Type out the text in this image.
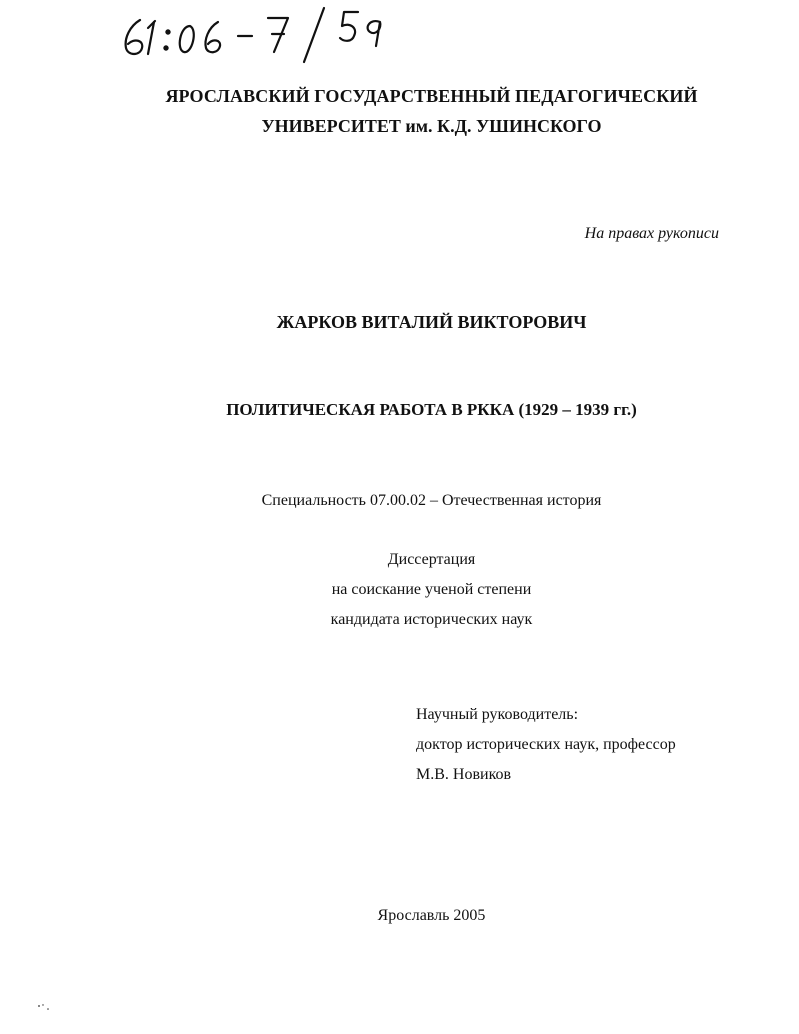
ЯРОСЛАВСКИЙ ГОСУДАРСТВЕННЫЙ ПЕДАГОГИЧЕСКИЙ
УНИВЕРСИТЕТ им. К.Д. УШИНСКОГО
На правах рукописи
ЖАРКОВ ВИТАЛИЙ ВИКТОРОВИЧ
ПОЛИТИЧЕСКАЯ РАБОТА В РККА (1929 – 1939 гг.)
Специальность 07.00.02 – Отечественная история
Диссертация
на соискание ученой степени
кандидата исторических наук
Научный руководитель:
доктор исторических наук, профессор
М.В. Новиков
Ярославль 2005
